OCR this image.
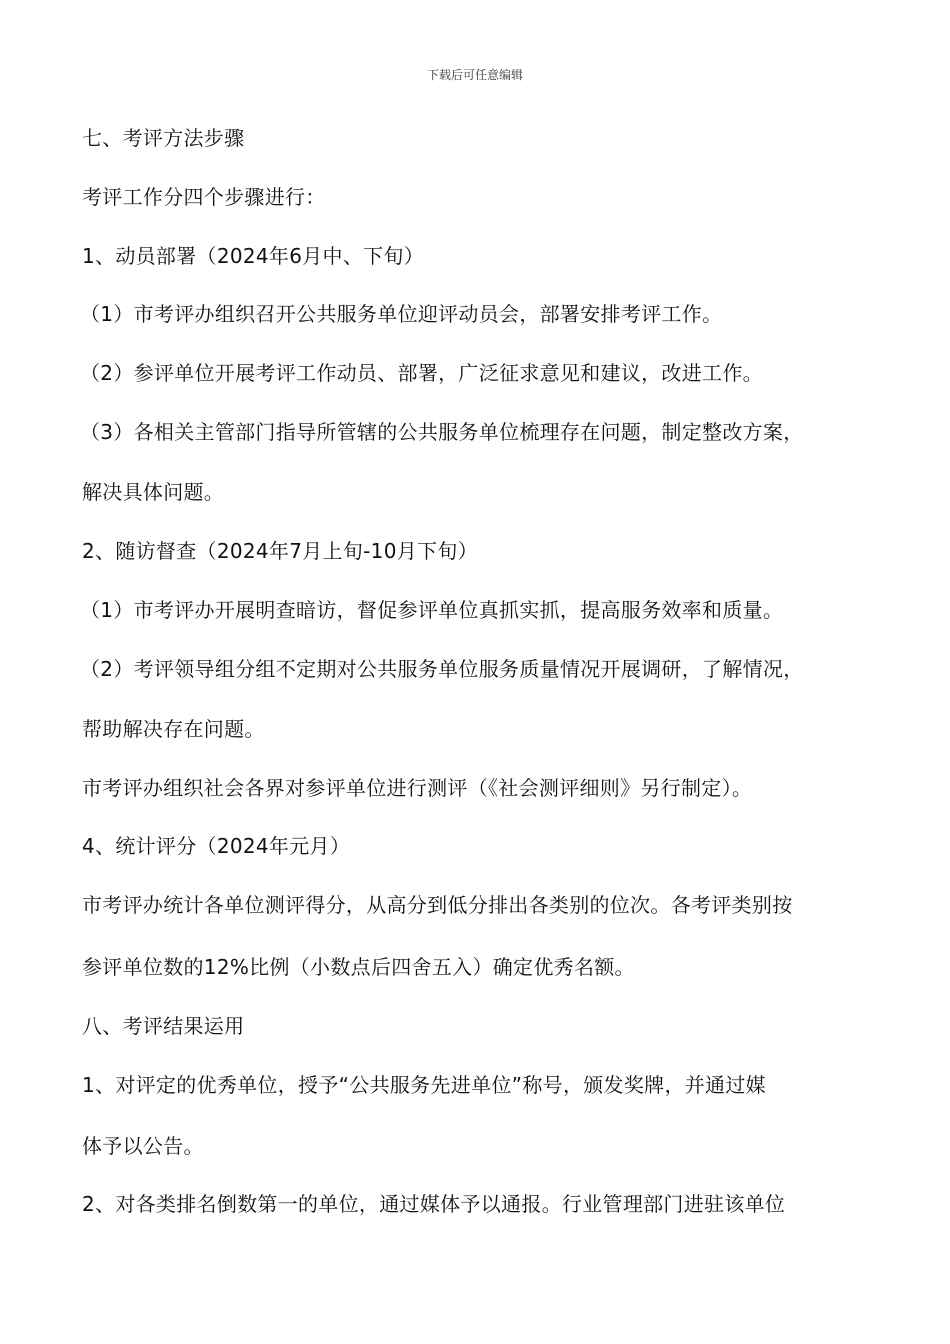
下载后可任意编辑
七、考评方法步骤
考评工作分四个步骤进行：
1、动员部署（2024年6月中、下旬）
（1）市考评办组织召开公共服务单位迎评动员会，部署安排考评工作。
（2）参评单位开展考评工作动员、部署，广泛征求意见和建议，改进工作。
（3）各相关主管部门指导所管辖的公共服务单位梳理存在问题，制定整改方案，
解决具体问题。
2、随访督查（2024年7月上旬-10月下旬）
（1）市考评办开展明查暗访，督促参评单位真抓实抓，提高服务效率和质量。
（2）考评领导组分组不定期对公共服务单位服务质量情况开展调研，了解情况，
帮助解决存在问题。
市考评办组织社会各界对参评单位进行测评（《社会测评细则》另行制定）。
4、统计评分（2024年元月）
市考评办统计各单位测评得分，从高分到低分排出各类别的位次。各考评类别按
参评单位数的12%比例（小数点后四舍五入）确定优秀名额。
八、考评结果运用
1、对评定的优秀单位，授予“公共服务先进单位”称号，颁发奖牌，并通过媒
体予以公告。
2、对各类排名倒数第一的单位，通过媒体予以通报。行业管理部门进驻该单位
